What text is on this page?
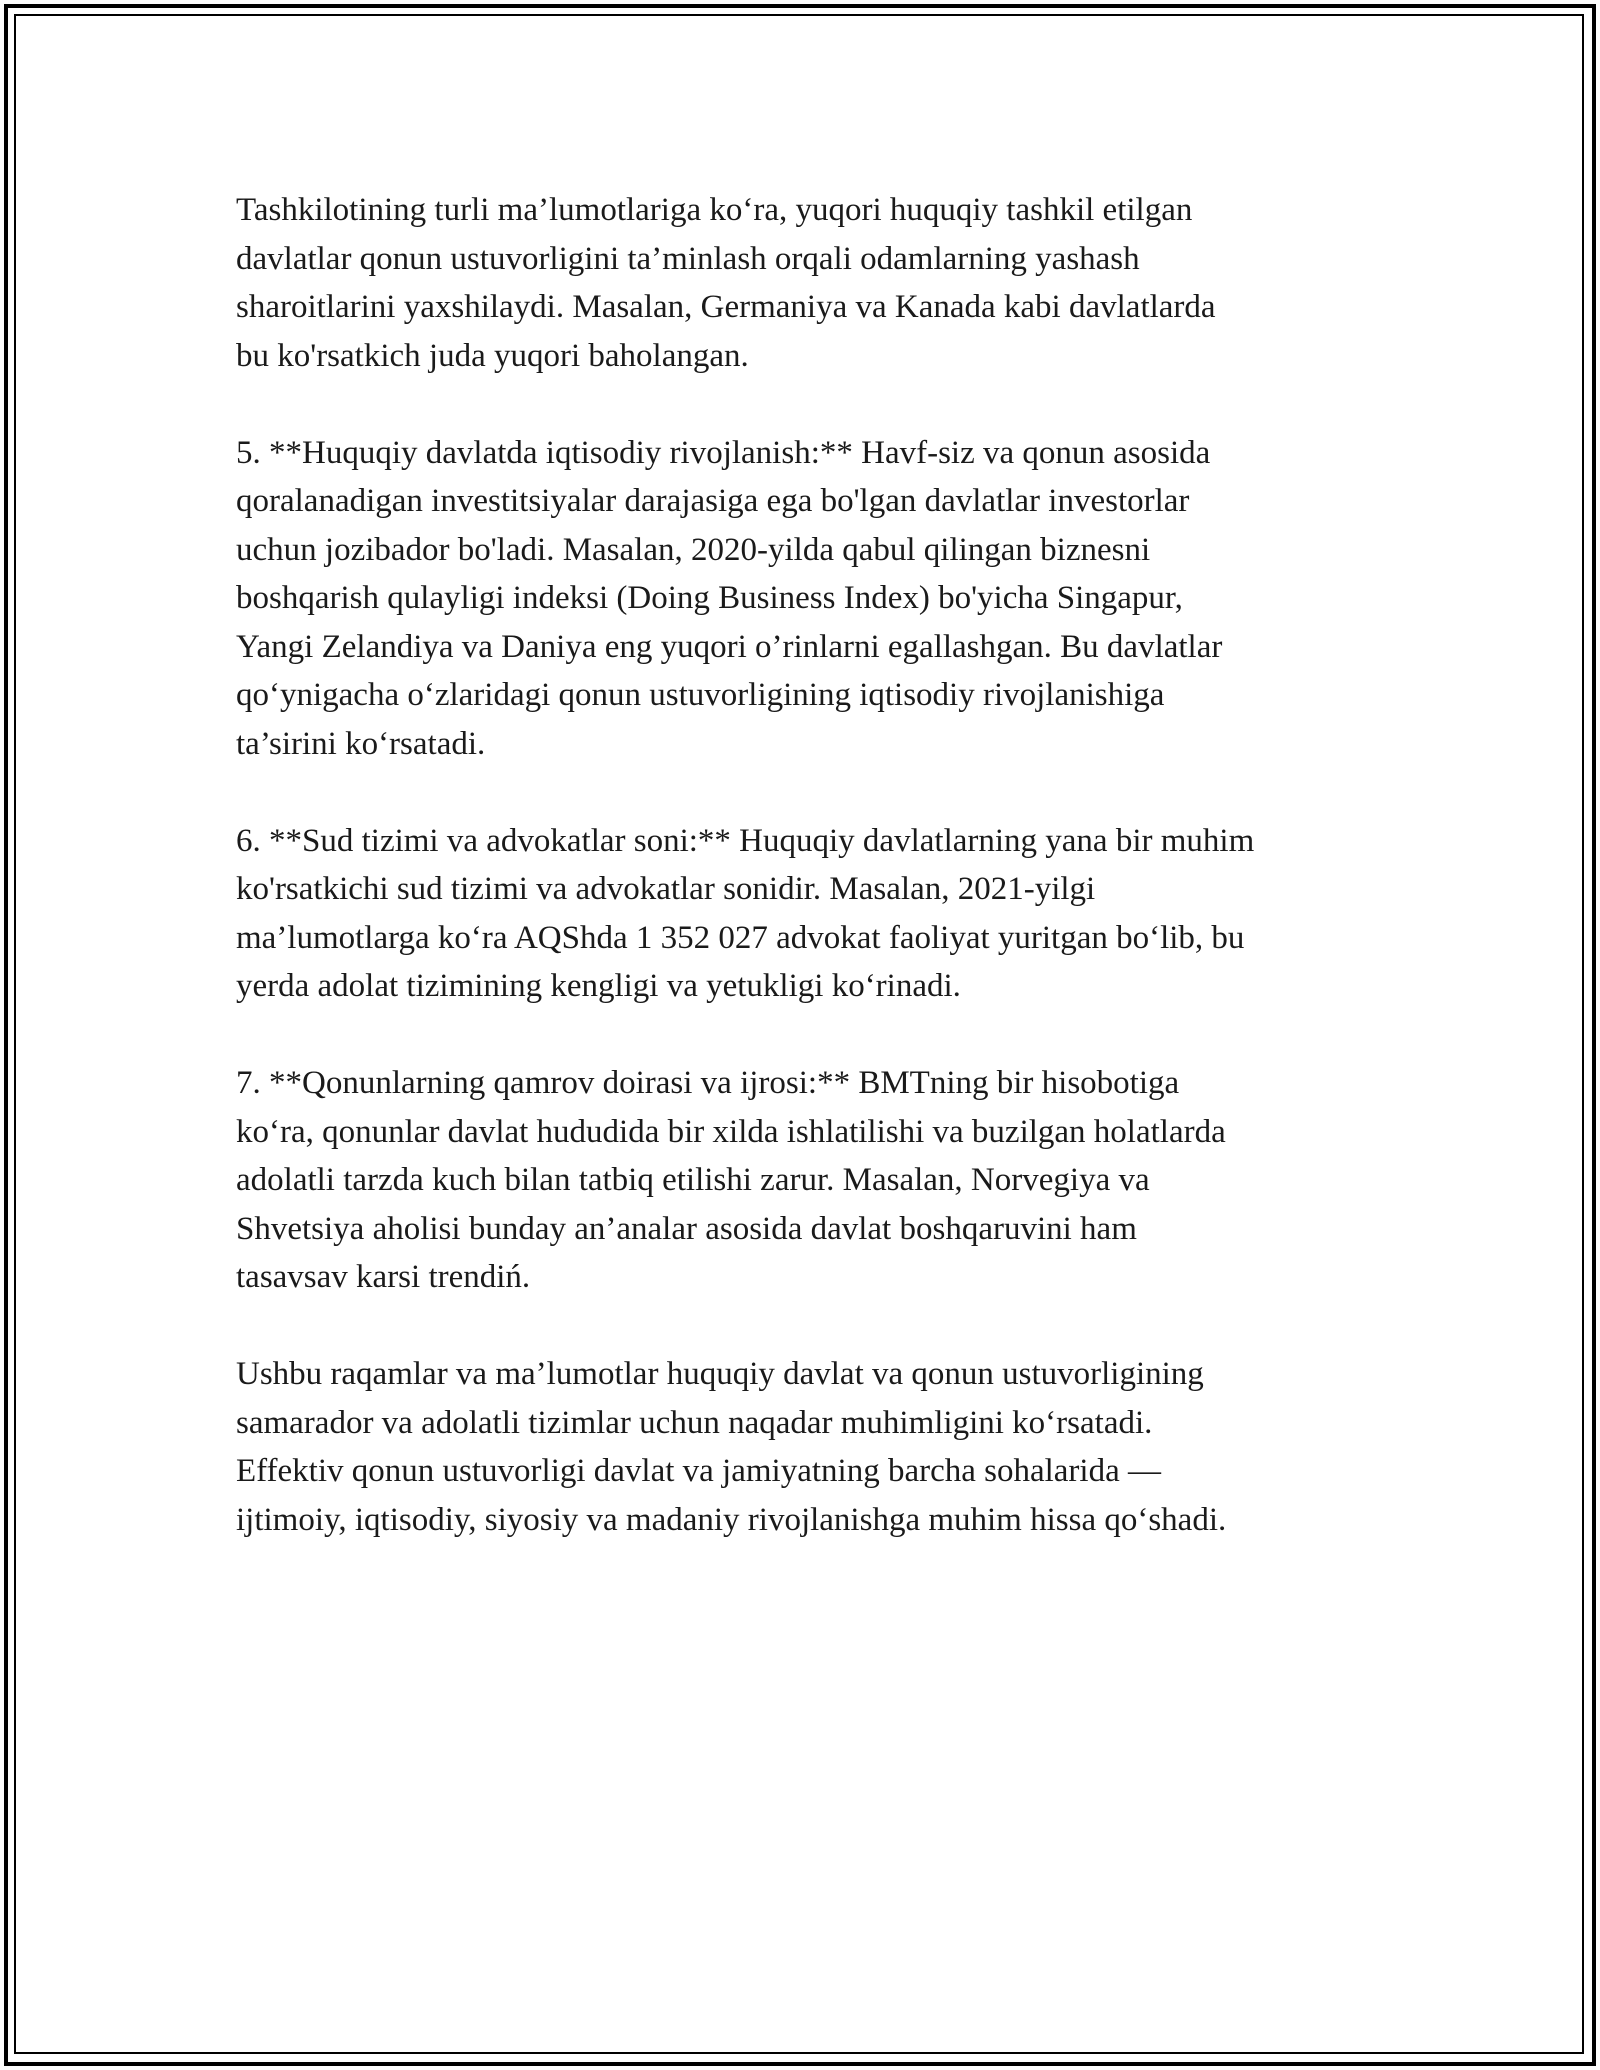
Tashkilotining turli ma’lumotlariga ko‘ra, yuqori huquqiy tashkil etilgan
davlatlar qonun ustuvorligini ta’minlash orqali odamlarning yashash
sharoitlarini yaxshilaydi. Masalan, Germaniya va Kanada kabi davlatlarda
bu ko'rsatkich juda yuqori baholangan.

5. **Huquqiy davlatda iqtisodiy rivojlanish:** Havf-siz va qonun asosida
qoralanadigan investitsiyalar darajasiga ega bo'lgan davlatlar investorlar
uchun jozibador bo'ladi. Masalan, 2020-yilda qabul qilingan biznesni
boshqarish qulayligi indeksi (Doing Business Index) bo'yicha Singapur,
Yangi Zelandiya va Daniya eng yuqori o’rinlarni egallashgan. Bu davlatlar
qo‘ynigacha o‘zlaridagi qonun ustuvorligining iqtisodiy rivojlanishiga
ta’sirini ko‘rsatadi.

6. **Sud tizimi va advokatlar soni:** Huquqiy davlatlarning yana bir muhim
ko'rsatkichi sud tizimi va advokatlar sonidir. Masalan, 2021-yilgi
ma’lumotlarga ko‘ra AQShda 1 352 027 advokat faoliyat yuritgan bo‘lib, bu
yerda adolat tizimining kengligi va yetukligi ko‘rinadi.

7. **Qonunlarning qamrov doirasi va ijrosi:** BMTning bir hisobotiga
ko‘ra, qonunlar davlat hududida bir xilda ishlatilishi va buzilgan holatlarda
adolatli tarzda kuch bilan tatbiq etilishi zarur. Masalan, Norvegiya va
Shvetsiya aholisi bunday an’analar asosida davlat boshqaruvini ham
tasavsav karsi trendiń.

Ushbu raqamlar va ma’lumotlar huquqiy davlat va qonun ustuvorligining
samarador va adolatli tizimlar uchun naqadar muhimligini ko‘rsatadi.
Effektiv qonun ustuvorligi davlat va jamiyatning barcha sohalarida —
ijtimoiy, iqtisodiy, siyosiy va madaniy rivojlanishga muhim hissa qo‘shadi.
